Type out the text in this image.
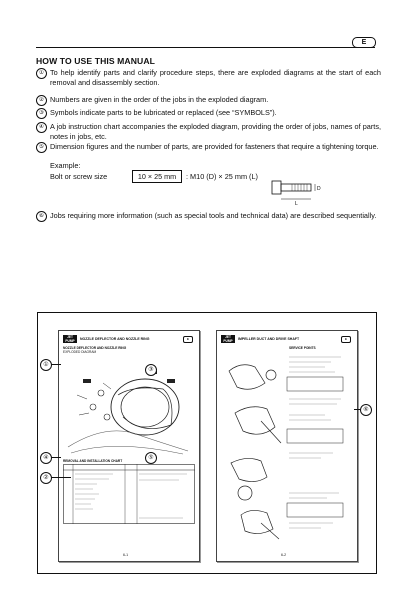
E
HOW TO USE THIS MANUAL
① To help identify parts and clarify procedure steps, there are exploded diagrams at the start of each removal and disassembly section.
② Numbers are given in the order of the jobs in the exploded diagram.
③ Symbols indicate parts to be lubricated or replaced (see “SYMBOLS”).
④ A job instruction chart accompanies the exploded diagram, providing the order of jobs, names of parts, notes in jobs, etc.
⑤ Dimension figures and the number of parts, are provided for fasteners that require a tightening torque.
Example:
Bolt or screw size	10 × 25 mm	: M10 (D) × 25 mm (L)
D
L
⑥ Jobs requiring more information (such as special tools and technical data) are described sequentially.
JET PUMP	NOZZLE DEFLECTOR AND NOZZLE RING	E
NOZZLE DEFLECTOR AND NOZZLE RING
EXPLODED DIAGRAM
REMOVAL AND INSTALLATION CHART
6-1
JET PUMP	IMPELLER DUCT AND DRIVE SHAFT	E
SERVICE POINTS
6-2
①
②
④
③
⑤
⑥
